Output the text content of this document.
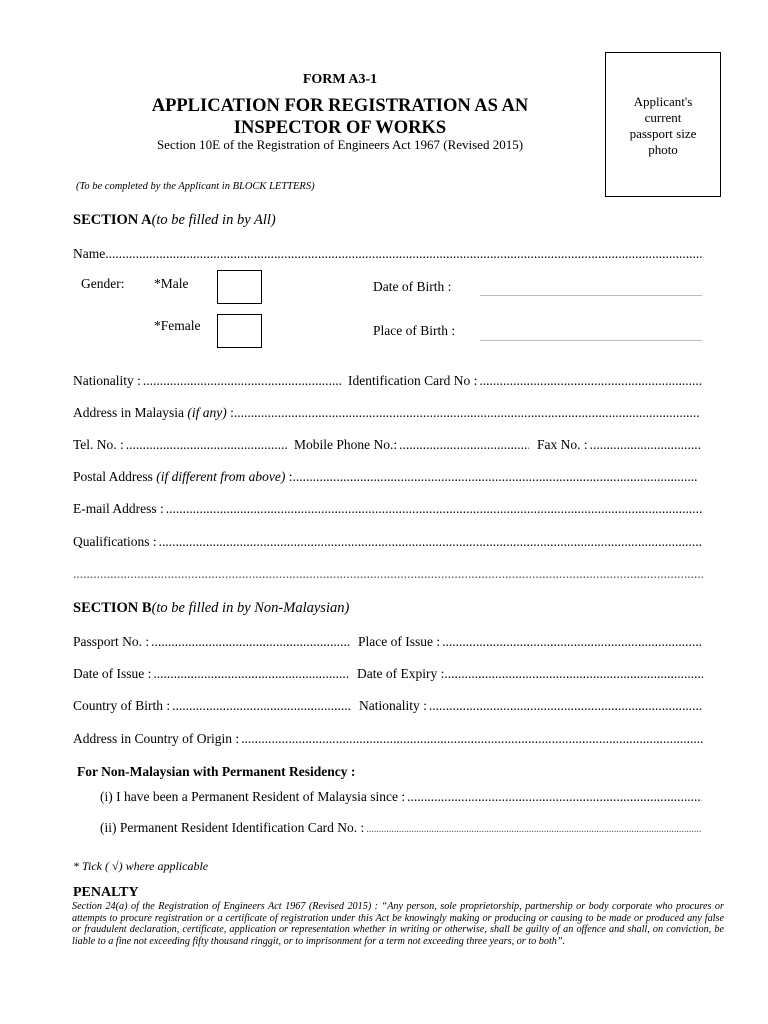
FORM A3-1
APPLICATION FOR REGISTRATION AS AN
INSPECTOR OF WORKS
Section 10E of the Registration of Engineers Act 1967 (Revised 2015)
(To be completed by the Applicant in BLOCK LETTERS)
Applicant's
current
passport size
photo
SECTION A(to be filled in by All)
Name
.....
Gender: *Male
*Female
Date of Birth :
.....
Place of Birth :
.....
Nationality : .....	Identification Card No :
.....
Address in Malaysia (if any) :
.....
Tel. No. : .....	Mobile Phone No.: .....	Fax No. :
.....
Postal Address (if different from above) :
.....
E-mail Address :
.....
Qualifications :
.....
.....
SECTION B(to be filled in by Non-Malaysian)
Passport No. : .....	Place of Issue :
.....
Date of Issue : .....	Date of Expiry :
.....
Country of Birth : .....	Nationality :
.....
Address in Country of Origin :
.....
For Non-Malaysian with Permanent Residency :
(i) I have been a Permanent Resident of Malaysia since :
.....
(ii) Permanent Resident Identification Card No. :
.....
* Tick ( √) where applicable
PENALTY
Section 24(a) of the Registration of Engineers Act 1967 (Revised 2015) : “Any person, sole proprietorship, partnership or body corporate who procures or attempts to procure registration or a certificate of registration under this Act be knowingly making or producing or causing to be made or produced any false or fraudulent declaration, certificate, application or representation whether in writing or otherwise, shall be guilty of an offence and shall, on conviction, be liable to a fine not exceeding fifty thousand ringgit, or to imprisonment for a term not exceeding three years, or to both”.
